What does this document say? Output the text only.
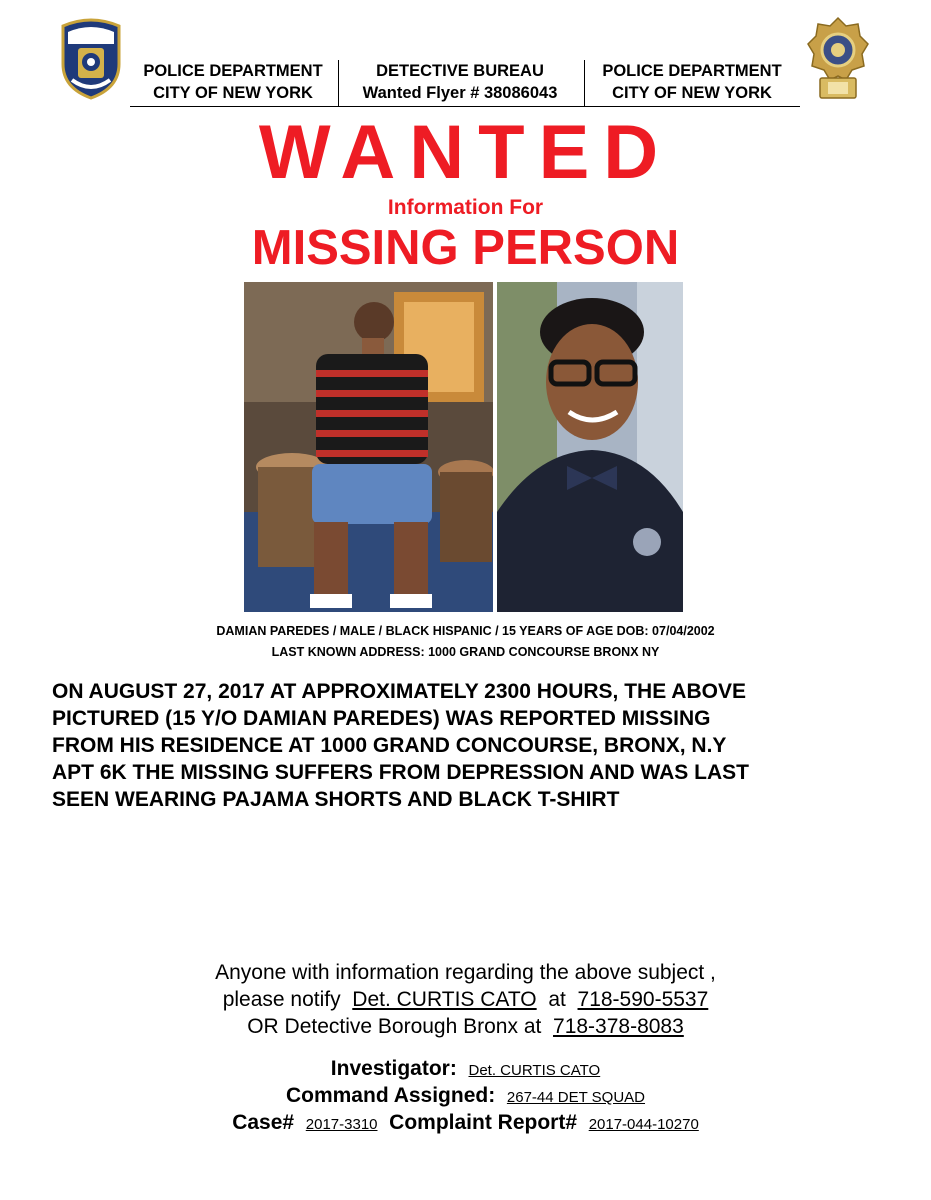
POLICE DEPARTMENT
CITY OF NEW YORK
DETECTIVE BUREAU
Wanted Flyer # 38086043
POLICE DEPARTMENT
CITY OF NEW YORK
WANTED
Information For
MISSING PERSON
DAMIAN PAREDES / MALE / BLACK HISPANIC / 15 YEARS OF AGE DOB: 07/04/2002
LAST KNOWN ADDRESS: 1000 GRAND CONCOURSE BRONX NY
ON AUGUST 27, 2017 AT APPROXIMATELY 2300 HOURS, THE ABOVE
PICTURED (15 Y/O DAMIAN PAREDES) WAS REPORTED MISSING
FROM HIS RESIDENCE AT 1000 GRAND CONCOURSE, BRONX, N.Y
APT 6K THE MISSING SUFFERS FROM DEPRESSION AND WAS LAST
SEEN WEARING PAJAMA SHORTS AND BLACK T-SHIRT
Anyone with information regarding the above subject ,
please notify Det. CURTIS CATO at 718-590-5537
OR Detective Borough Bronx at 718-378-8083
Investigator: Det. CURTIS CATO
Command Assigned: 267-44 DET SQUAD
Case# 2017-3310 Complaint Report# 2017-044-10270
